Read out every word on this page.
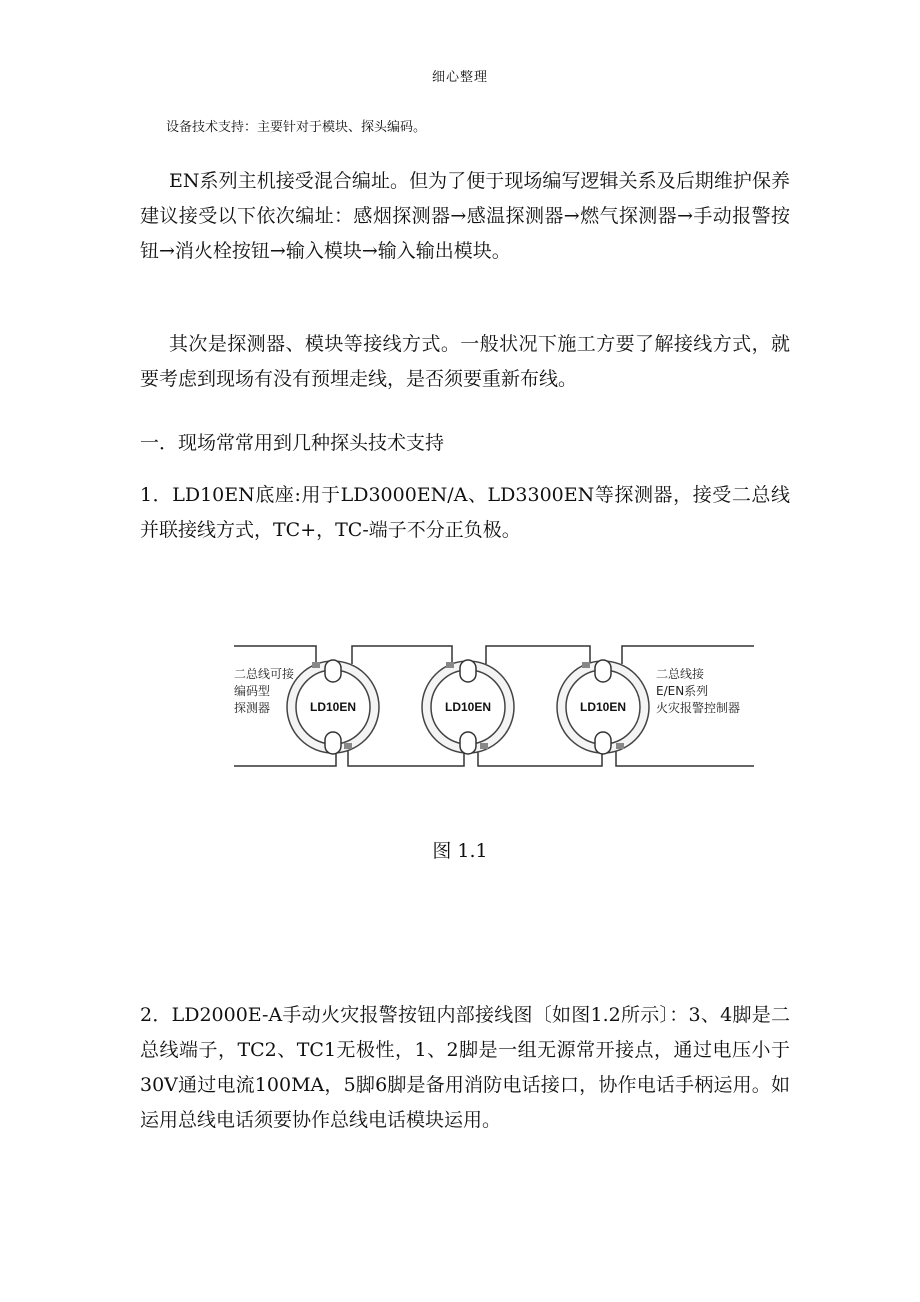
细心整理
设备技术支持：主要针对于模块、探头编码。

EN系列主机接受混合编址。但为了便于现场编写逻辑关系及后期维护保养建议接受以下依次编址：感烟探测器→感温探测器→燃气探测器→手动报警按钮→消火栓按钮→输入模块→输入输出模块。

其次是探测器、模块等接线方式。一般状况下施工方要了解接线方式，就要考虑到现场有没有预埋走线，是否须要重新布线。

一．现场常常用到几种探头技术支持

1．LD10EN底座:用于LD3000EN/A、LD3300EN等探测器，接受二总线并联接线方式，TC+，TC-端子不分正负极。

LD10EN	LD10EN	LD10EN
二总线可接
编码型
探测器
二总线接
E/EN系列
火灾报警控制器
图 1.1

2．LD2000E-A手动火灾报警按钮内部接线图〔如图1.2所示〕：3、4脚是二总线端子，TC2、TC1无极性，1、2脚是一组无源常开接点，通过电压小于30V通过电流100MA，5脚6脚是备用消防电话接口，协作电话手柄运用。如运用总线电话须要协作总线电话模块运用。
